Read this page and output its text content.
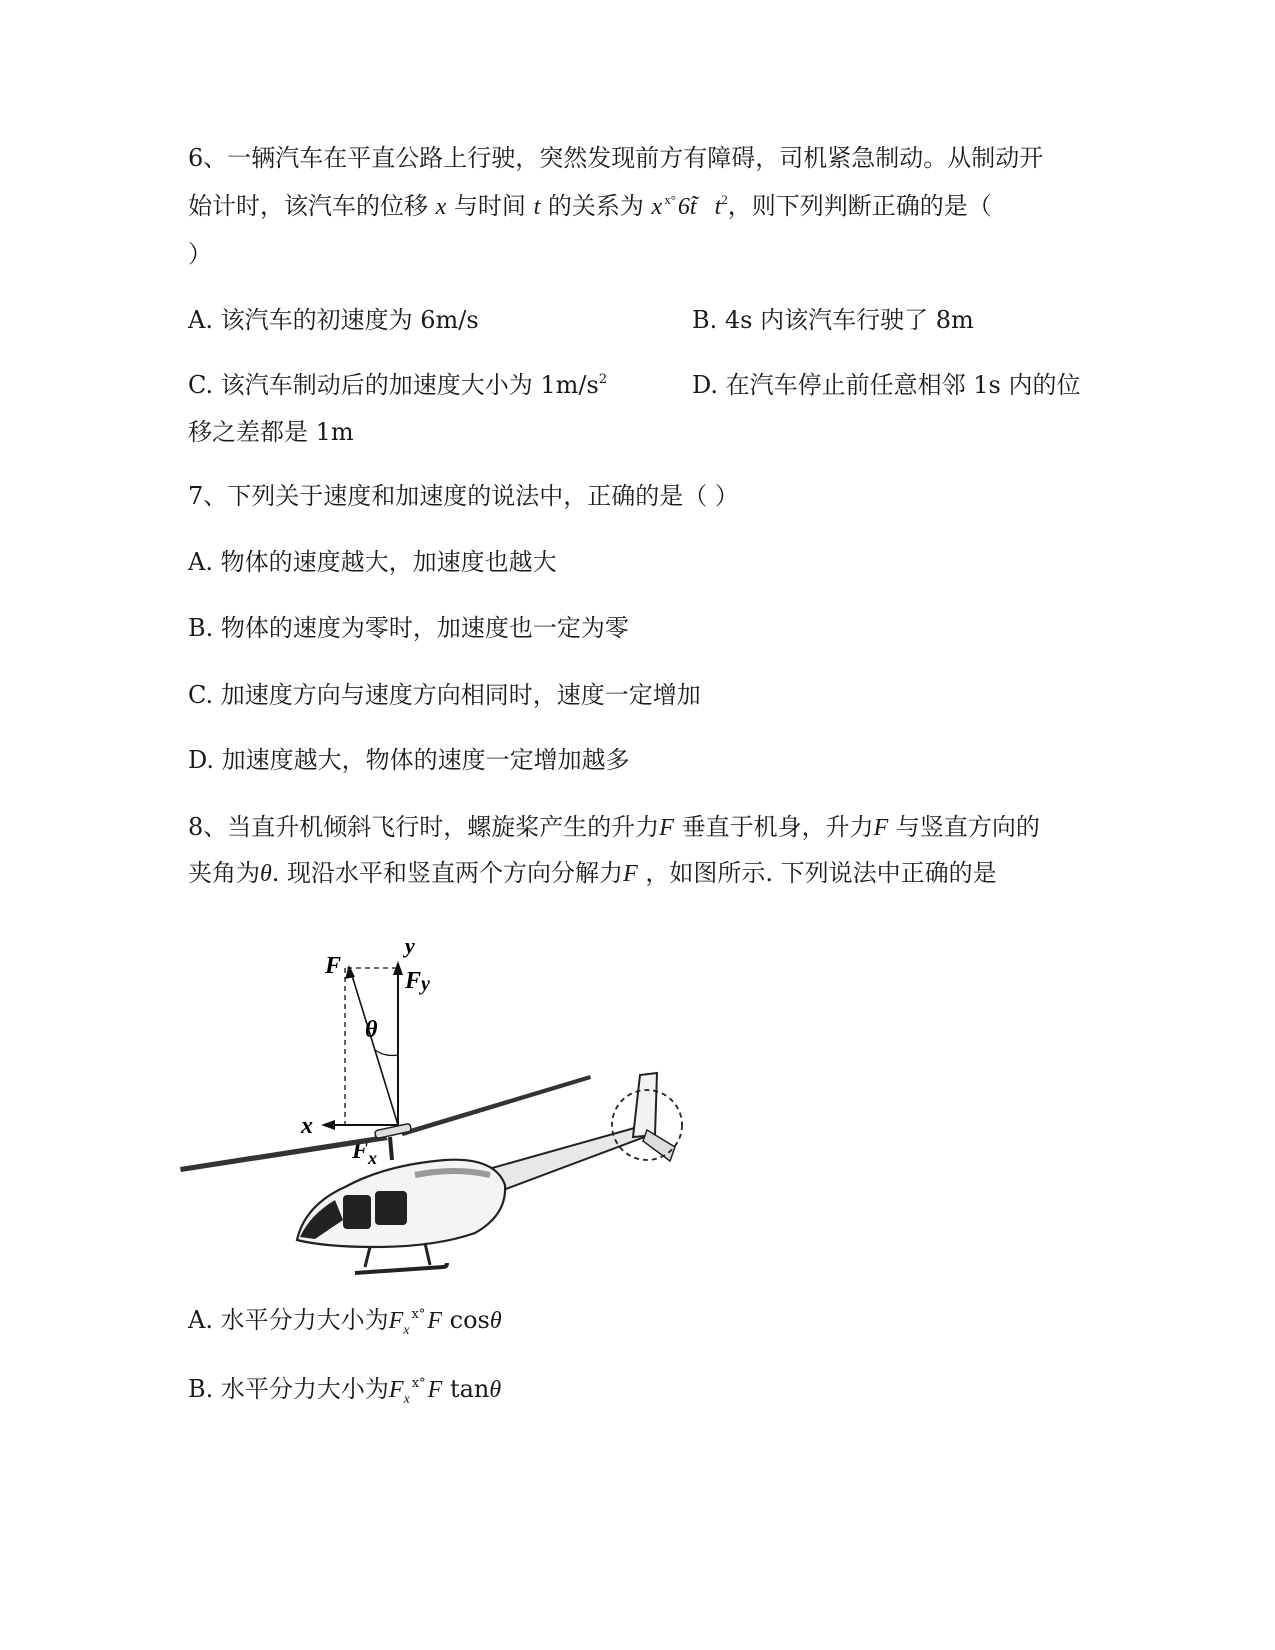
6、一辆汽车在平直公路上行驶，突然发现前方有障碍，司机紧急制动。从制动开
始计时，该汽车的位移 x 与时间 t 的关系为 x $^{x^\circ}$6t̃ $t^2$，则下列判断正确的是（
）
A. 该汽车的初速度为 6m/s	B. 4s 内该汽车行驶了 8m
C. 该汽车制动后的加速度大小为 $1m/s^2$	D. 在汽车停止前任意相邻 1s 内的位
移之差都是 1m
7、下列关于速度和加速度的说法中，正确的是（ ）
A. 物体的速度越大，加速度也越大
B. 物体的速度为零时，加速度也一定为零
C. 加速度方向与速度方向相同时，速度一定增加
D. 加速度越大，物体的速度一定增加越多
8、当直升机倾斜飞行时，螺旋桨产生的升力F 垂直于机身，升力F 与竖直方向的
夹角为θ. 现沿水平和竖直两个方向分解力F ，如图所示. 下列说法中正确的是
F
y
Fy
θ
x
$F_x$
A. 水平分力大小为$F_x^{x^\circ}F$ cosθ
B. 水平分力大小为$F_x^{x^\circ}F$ tanθ
